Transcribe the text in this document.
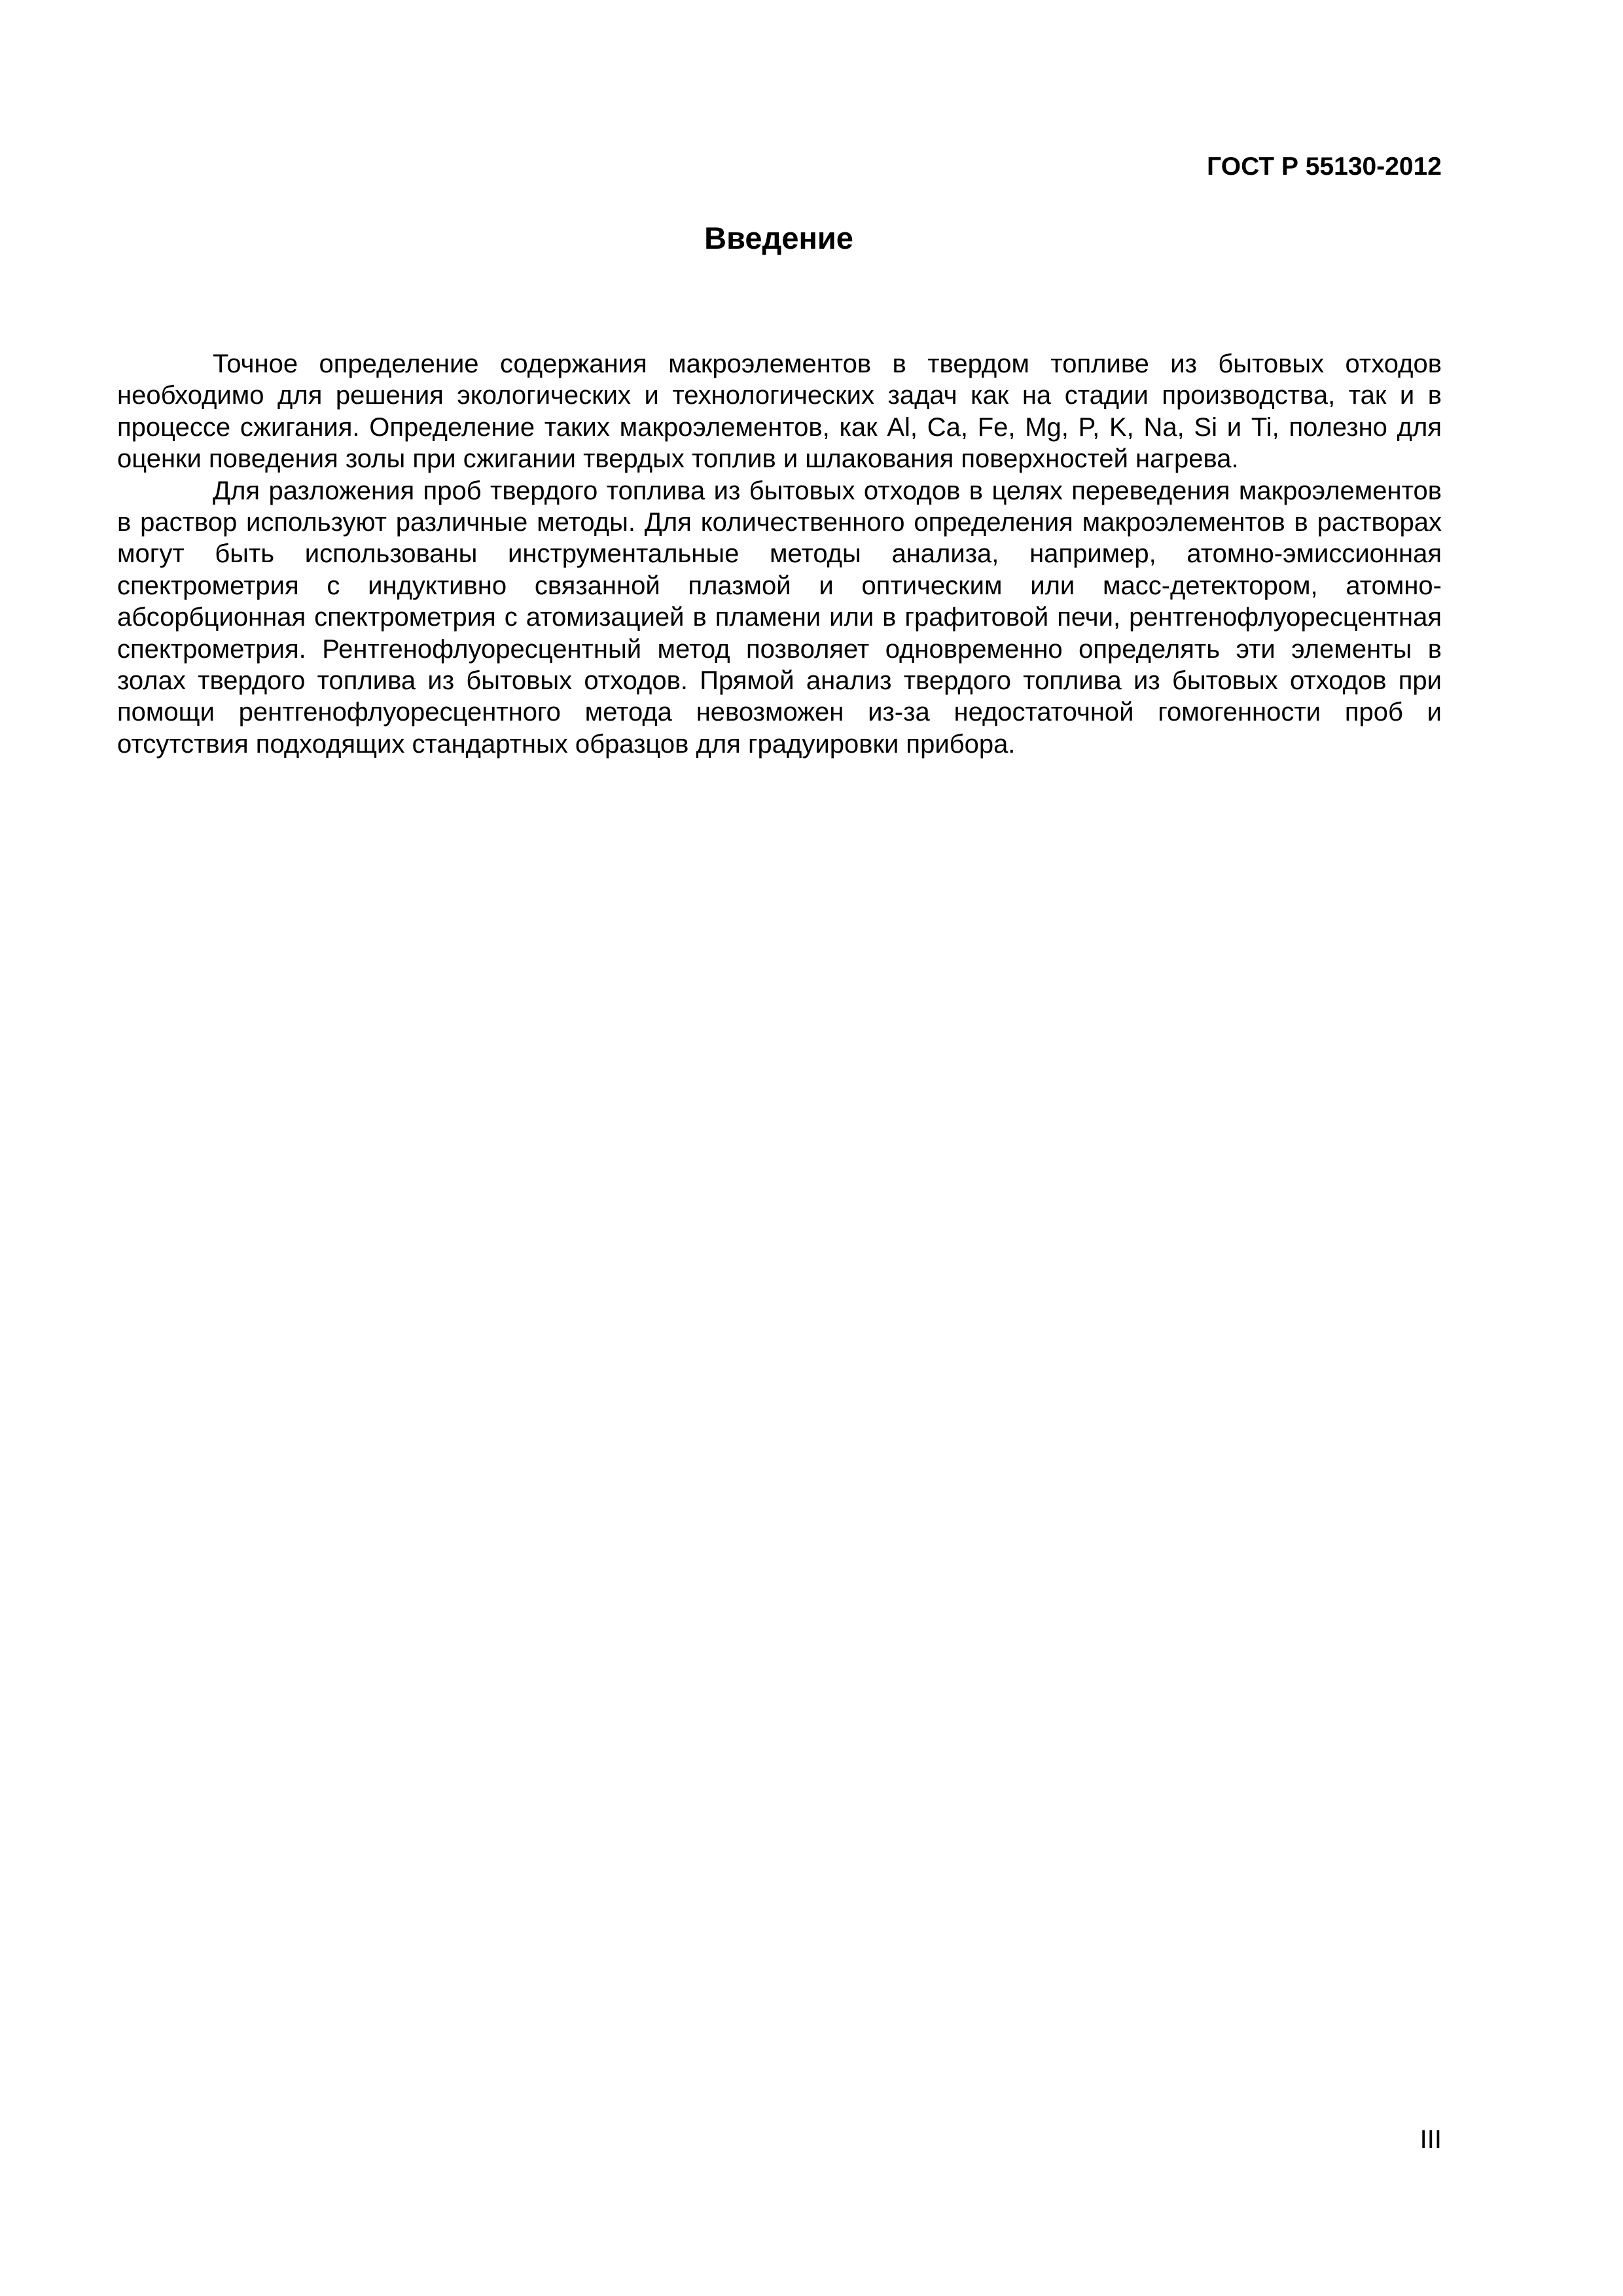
ГОСТ Р 55130-2012
Введение

Точное определение содержания макроэлементов в твердом топливе из бытовых отходов необходимо для решения экологических и технологических задач как на стадии производства, так и в процессе сжигания. Определение таких макроэлементов, как Al, Ca, Fe, Mg, P, K, Na, Si и Ti, полезно для оценки поведения золы при сжигании твердых топлив и шлакования поверхностей нагрева.

Для разложения проб твердого топлива из бытовых отходов в целях переведения макроэлементов в раствор используют различные методы. Для количественного определения макроэлементов в растворах могут быть использованы инструментальные методы анализа, например, атомно-эмиссионная спектрометрия с индуктивно связанной плазмой и оптическим или масс-детектором, атомно-абсорбционная спектрометрия с атомизацией в пламени или в графитовой печи, рентгенофлуоресцентная спектрометрия. Рентгенофлуоресцентный метод позволяет одновременно определять эти элементы в золах твердого топлива из бытовых отходов. Прямой анализ твердого топлива из бытовых отходов при помощи рентгенофлуоресцентного метода невозможен из-за недостаточной гомогенности проб и отсутствия подходящих стандартных образцов для градуировки прибора.

III
